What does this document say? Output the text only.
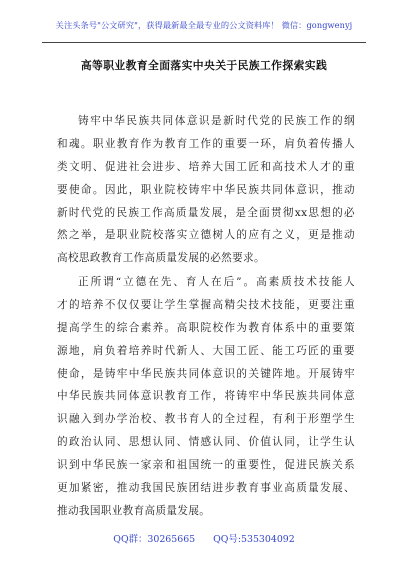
关注头条号"公文研究"，获得最新最全最专业的公文资料库！ 微信：gongwenyj
高等职业教育全面落实中央关于民族工作探索实践
铸牢中华民族共同体意识是新时代党的民族工作的纲
和魂。职业教育作为教育工作的重要一环，肩负着传播人
类文明、促进社会进步、培养大国工匠和高技术人才的重
要使命。因此，职业院校铸牢中华民族共同体意识，推动
新时代党的民族工作高质量发展，是全面贯彻xx思想的必
然之举，是职业院校落实立德树人的应有之义，更是推动
高校思政教育工作高质量发展的必然要求。
正所谓“立德在先、育人在后”。高素质技术技能人
才的培养不仅仅要让学生掌握高精尖技术技能，更要注重
提高学生的综合素养。高职院校作为教育体系中的重要策
源地，肩负着培养时代新人、大国工匠、能工巧匠的重要
使命，是铸牢中华民族共同体意识的关键阵地。开展铸牢
中华民族共同体意识教育工作，将铸牢中华民族共同体意
识融入到办学治校、教书育人的全过程，有利于形塑学生
的政治认同、思想认同、情感认同、价值认同，让学生认
识到中华民族一家亲和祖国统一的重要性，促进民族关系
更加紧密，推动我国民族团结进步教育事业高质量发展、
推动我国职业教育高质量发展。
QQ群：30265665 QQ号:535304092
